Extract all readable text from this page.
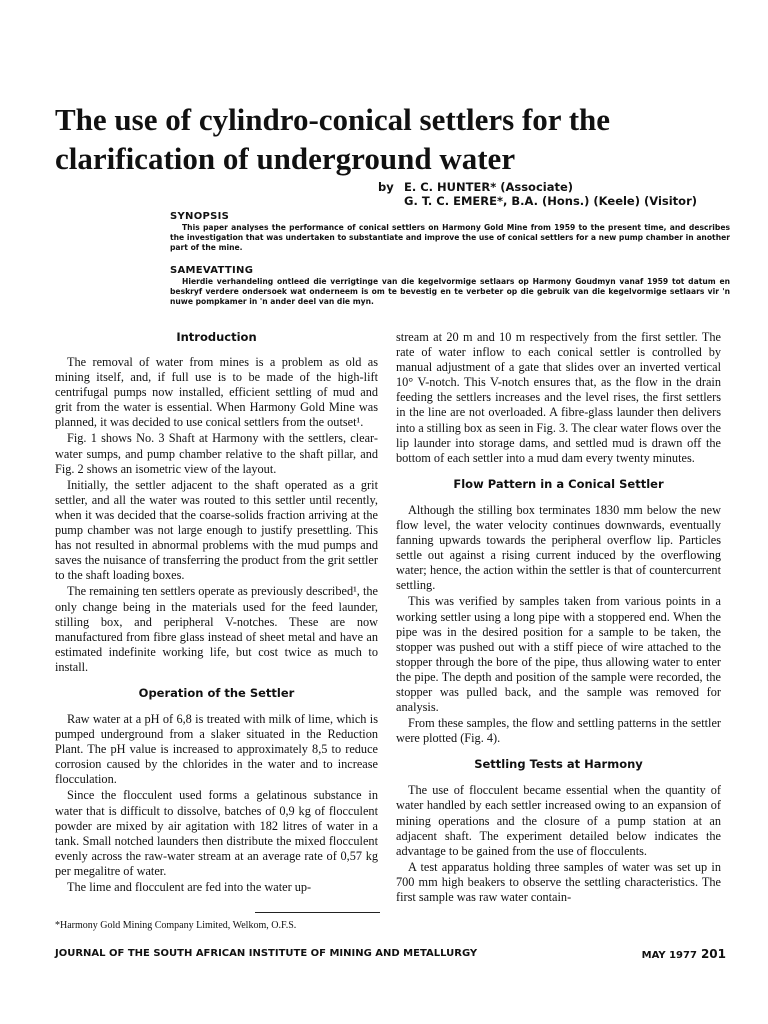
The use of cylindro-conical settlers for the clarification of underground water
by E. C. HUNTER* (Associate)
G. T. C. EMERE*, B.A. (Hons.) (Keele) (Visitor)
SYNOPSIS

This paper analyses the performance of conical settlers on Harmony Gold Mine from 1959 to the present time, and describes the investigation that was undertaken to substantiate and improve the use of conical settlers for a new pump chamber in another part of the mine.

SAMEVATTING

Hierdie verhandeling ontleed die verrigtinge van die kegelvormige setlaars op Harmony Goudmyn vanaf 1959 tot datum en beskryf verdere ondersoek wat onderneem is om te bevestig en te verbeter op die gebruik van die kegelvormige setlaars vir 'n nuwe pompkamer in 'n ander deel van die myn.

Introduction

The removal of water from mines is a problem as old as mining itself, and, if full use is to be made of the high-lift centrifugal pumps now installed, efficient settling of mud and grit from the water is essential. When Harmony Gold Mine was planned, it was decided to use conical settlers from the outset¹.

Fig. 1 shows No. 3 Shaft at Harmony with the settlers, clear-water sumps, and pump chamber relative to the shaft pillar, and Fig. 2 shows an isometric view of the layout.

Initially, the settler adjacent to the shaft operated as a grit settler, and all the water was routed to this settler until recently, when it was decided that the coarse-solids fraction arriving at the pump chamber was not large enough to justify presettling. This has not resulted in abnormal problems with the mud pumps and saves the nuisance of transferring the product from the grit settler to the shaft loading boxes.

The remaining ten settlers operate as previously described¹, the only change being in the materials used for the feed launder, stilling box, and peripheral V-notches. These are now manufactured from fibre glass instead of sheet metal and have an estimated indefinite working life, but cost twice as much to install.

Operation of the Settler

Raw water at a pH of 6,8 is treated with milk of lime, which is pumped underground from a slaker situated in the Reduction Plant. The pH value is increased to approximately 8,5 to reduce corrosion caused by the chlorides in the water and to increase flocculation.

Since the flocculent used forms a gelatinous substance in water that is difficult to dissolve, batches of 0,9 kg of flocculent powder are mixed by air agitation with 182 litres of water in a tank. Small notched launders then distribute the mixed flocculent evenly across the raw-water stream at an average rate of 0,57 kg per megalitre of water.

The lime and flocculent are fed into the water up-

stream at 20 m and 10 m respectively from the first settler. The rate of water inflow to each conical settler is controlled by manual adjustment of a gate that slides over an inverted vertical 10° V-notch. This V-notch ensures that, as the flow in the drain feeding the settlers increases and the level rises, the first settlers in the line are not overloaded. A fibre-glass launder then delivers into a stilling box as seen in Fig. 3. The clear water flows over the lip launder into storage dams, and settled mud is drawn off the bottom of each settler into a mud dam every twenty minutes.

Flow Pattern in a Conical Settler

Although the stilling box terminates 1830 mm below the new flow level, the water velocity continues downwards, eventually fanning upwards towards the peripheral overflow lip. Particles settle out against a rising current induced by the overflowing water; hence, the action within the settler is that of countercurrent settling.

This was verified by samples taken from various points in a working settler using a long pipe with a stoppered end. When the pipe was in the desired position for a sample to be taken, the stopper was pushed out with a stiff piece of wire attached to the stopper through the bore of the pipe, thus allowing water to enter the pipe. The depth and position of the sample were recorded, the stopper was pulled back, and the sample was removed for analysis.

From these samples, the flow and settling patterns in the settler were plotted (Fig. 4).

Settling Tests at Harmony

The use of flocculent became essential when the quantity of water handled by each settler increased owing to an expansion of mining operations and the closure of a pump station at an adjacent shaft. The experiment detailed below indicates the advantage to be gained from the use of flocculents.

A test apparatus holding three samples of water was set up in 700 mm high beakers to observe the settling characteristics. The first sample was raw water contain-

*Harmony Gold Mining Company Limited, Welkom, O.F.S.
JOURNAL OF THE SOUTH AFRICAN INSTITUTE OF MINING AND METALLURGY	MAY 1977 201
